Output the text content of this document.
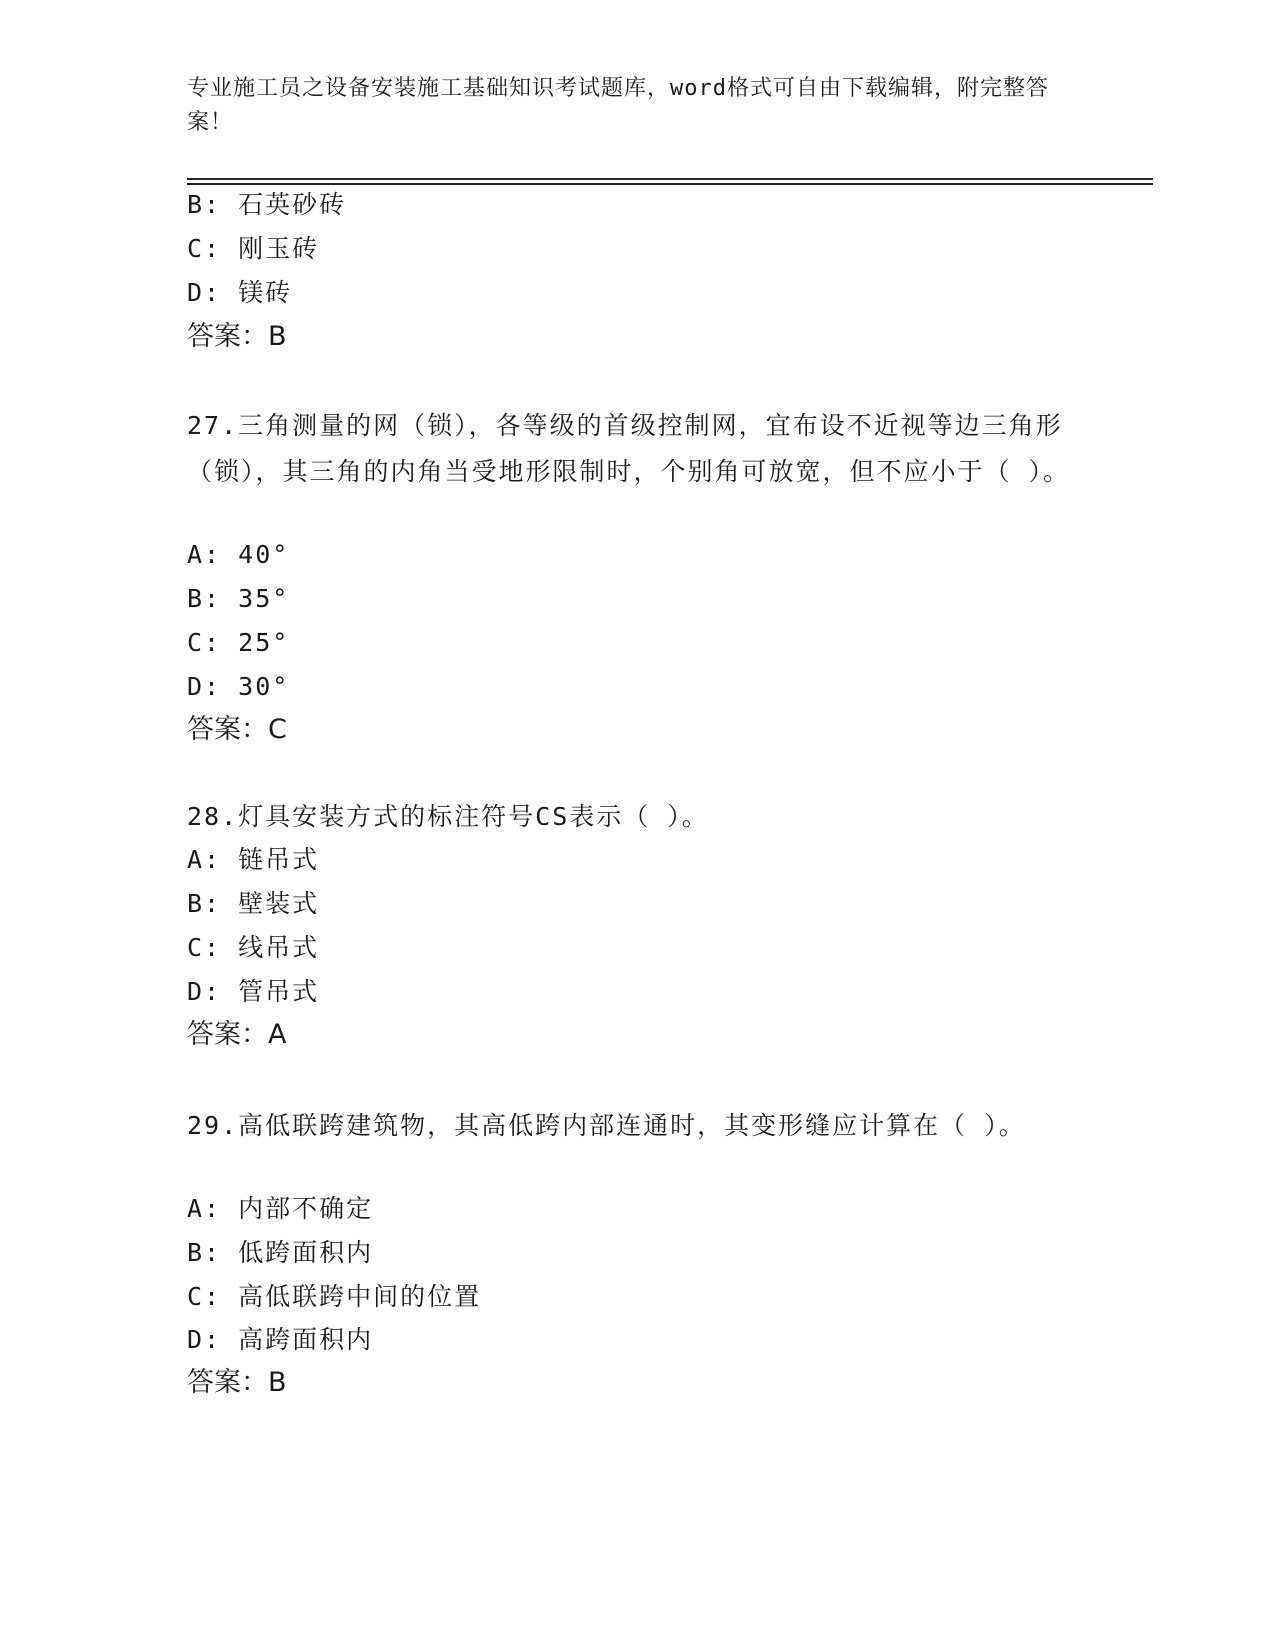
专业施工员之设备安装施工基础知识考试题库，word格式可自由下载编辑，附完整答案！
B: 石英砂砖
C: 刚玉砖
D: 镁砖
答案：B
27.三角测量的网（锁），各等级的首级控制网，宜布设不近视等边三角形（锁），其三角的内角当受地形限制时，个别角可放宽，但不应小于（ ）。
A: 40°
B: 35°
C: 25°
D: 30°
答案：C
28.灯具安装方式的标注符号CS表示（ ）。
A: 链吊式
B: 壁装式
C: 线吊式
D: 管吊式
答案：A
29.高低联跨建筑物，其高低跨内部连通时，其变形缝应计算在（ ）。
A: 内部不确定
B: 低跨面积内
C: 高低联跨中间的位置
D: 高跨面积内
答案：B
